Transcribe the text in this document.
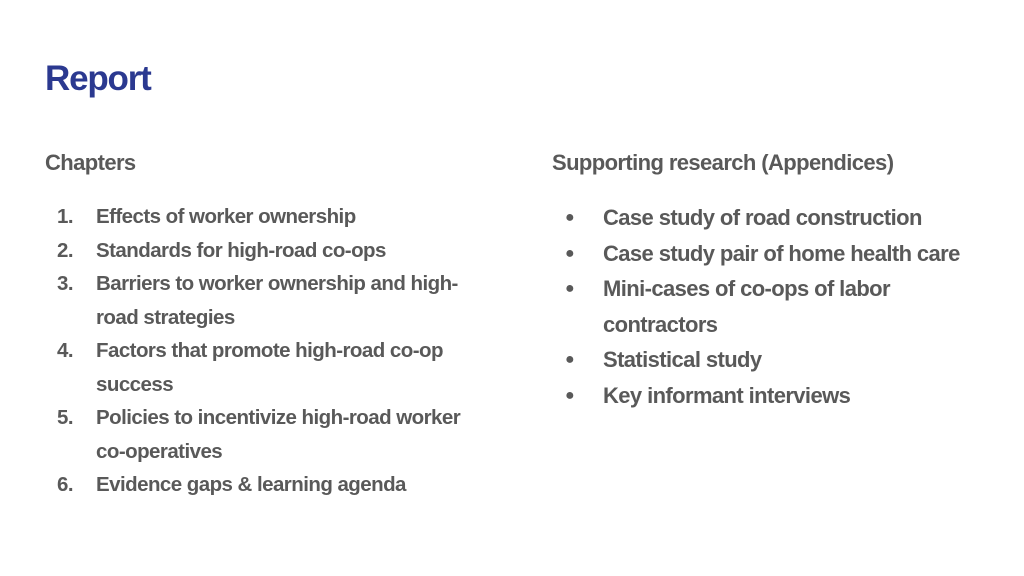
Report
Chapters
1. Effects of worker ownership
2. Standards for high-road co-ops
3. Barriers to worker ownership and high-road strategies
4. Factors that promote high-road co-op success
5. Policies to incentivize high-road worker co-operatives
6. Evidence gaps & learning agenda
Supporting research (Appendices)
● Case study of road construction
● Case study pair of home health care
● Mini-cases of co-ops of labor contractors
● Statistical study
● Key informant interviews
